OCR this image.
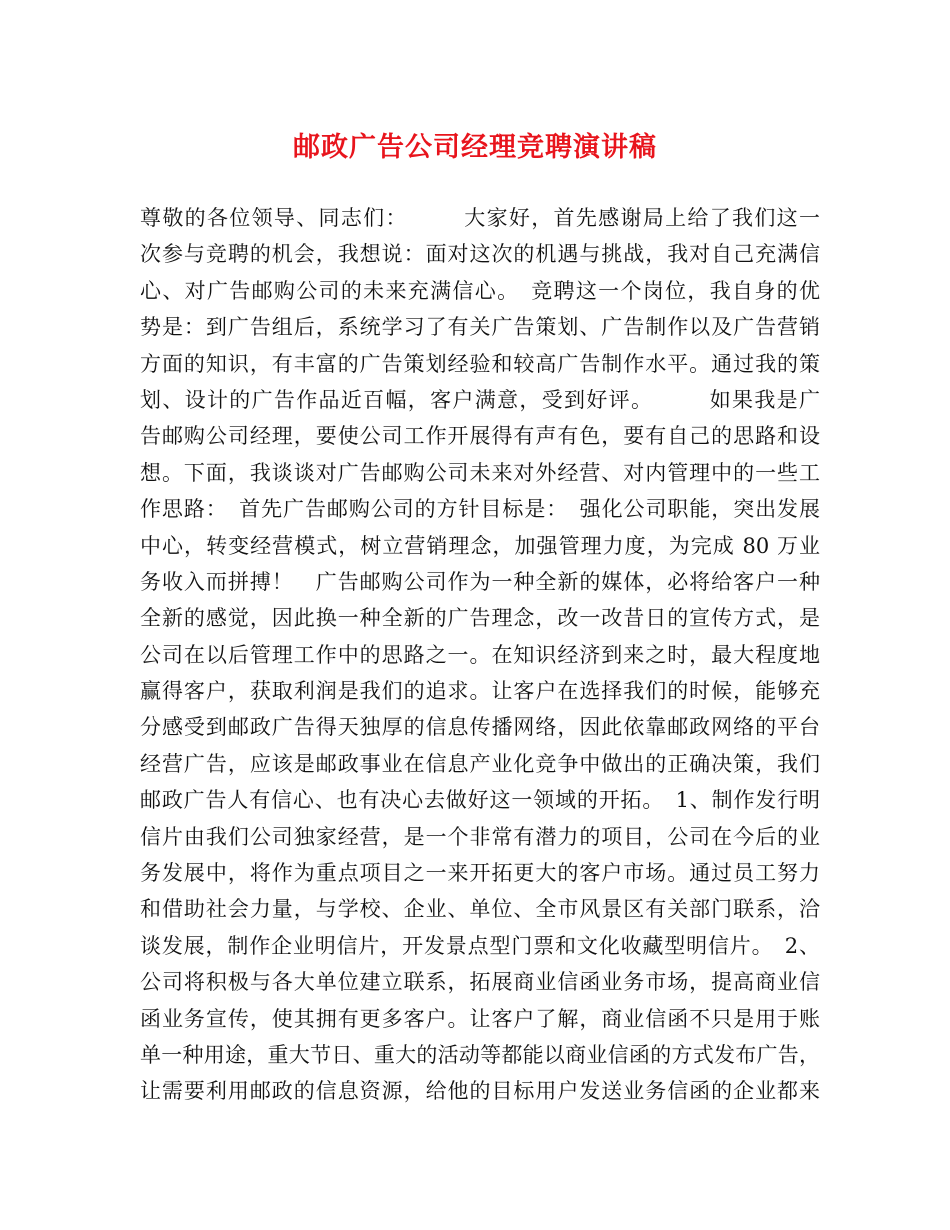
邮政广告公司经理竞聘演讲稿
尊敬的各位领导、同志们：　　　大家好，首先感谢局上给了我们这一
次参与竞聘的机会，我想说：面对这次的机遇与挑战，我对自己充满信
心、对广告邮购公司的未来充满信心。　竞聘这一个岗位，我自身的优
势是：到广告组后，系统学习了有关广告策划、广告制作以及广告营销
方面的知识，有丰富的广告策划经验和较高广告制作水平。通过我的策
划、设计的广告作品近百幅，客户满意，受到好评。　　　如果我是广
告邮购公司经理，要使公司工作开展得有声有色，要有自己的思路和设
想。下面，我谈谈对广告邮购公司未来对外经营、对内管理中的一些工
作思路：　首先广告邮购公司的方针目标是：　强化公司职能，突出发展
中心，转变经营模式，树立营销理念，加强管理力度，为完成 80 万业
务收入而拼搏！　广告邮购公司作为一种全新的媒体，必将给客户一种
全新的感觉，因此换一种全新的广告理念，改一改昔日的宣传方式，是
公司在以后管理工作中的思路之一。在知识经济到来之时，最大程度地
赢得客户，获取利润是我们的追求。让客户在选择我们的时候，能够充
分感受到邮政广告得天独厚的信息传播网络，因此依靠邮政网络的平台
经营广告，应该是邮政事业在信息产业化竞争中做出的正确决策，我们
邮政广告人有信心、也有决心去做好这一领域的开拓。　1、制作发行明
信片由我们公司独家经营，是一个非常有潜力的项目，公司在今后的业
务发展中，将作为重点项目之一来开拓更大的客户市场。通过员工努力
和借助社会力量，与学校、企业、单位、全市风景区有关部门联系，洽
谈发展，制作企业明信片，开发景点型门票和文化收藏型明信片。　2、
公司将积极与各大单位建立联系，拓展商业信函业务市场，提高商业信
函业务宣传，使其拥有更多客户。让客户了解，商业信函不只是用于账
单一种用途，重大节日、重大的活动等都能以商业信函的方式发布广告，
让需要利用邮政的信息资源，给他的目标用户发送业务信函的企业都来
